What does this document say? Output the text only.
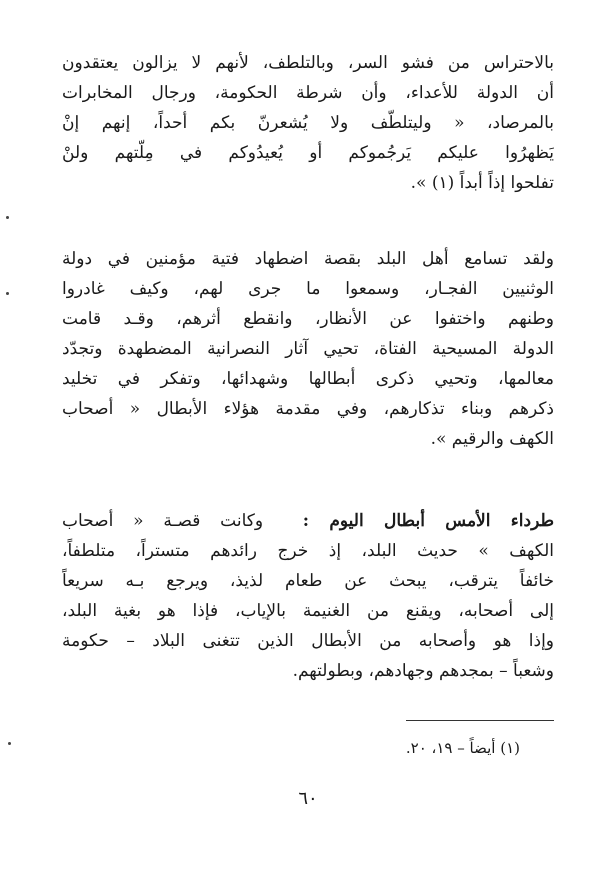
بالاحتراس من فشو السر، وبالتلطف، لأنهم لا يزالون يعتقدون
أن الدولة للأعداء، وأن شرطة الحكومة، ورجال المخابرات
بالمرصاد، « وليتلطّف ولا يُشعرنّ بكم أحداً، إنهم إنْ
يَظهرُوا عليكم يَرجُموكم أو يُعيدُوكم في مِلّتهم ولنْ
تفلحوا إذاً أبداً (١) ».
ولقد تسامع أهل البلد بقصة اضطهاد فتية مؤمنين في دولة
الوثنيين الفجـار، وسمعوا ما جرى لهم، وكيف غادروا
وطنهم واختفوا عن الأنظار، وانقطع أثرهم، وقـد قامت
الدولة المسيحية الفتاة، تحيي آثار النصرانية المضطهدة وتجدّد
معالمها، وتحيي ذكرى أبطالها وشهدائها، وتفكر في تخليد
ذكرهم وبناء تذكارهم، وفي مقدمة هؤلاء الأبطال « أصحاب
الكهف والرقيم ».
طرداء الأمس أبطال اليوم :  وكانت قصـة « أصحاب
الكهف » حديث البلد، إذ خرج رائدهم متستراً، متلطفاً،
خائفاً يترقب، يبحث عن طعام لذيذ، ويرجع بـه سريعاً
إلى أصحابه، ويقنع من الغنيمة بالإياب، فإذا هو بغية البلد،
وإذا هو وأصحابه من الأبطال الذين تتغنى البلاد – حكومة
وشعباً – بمجدهم وجهادهم، وبطولتهم.
(١) أيضاً – ١٩، ٢٠.
٦٠
